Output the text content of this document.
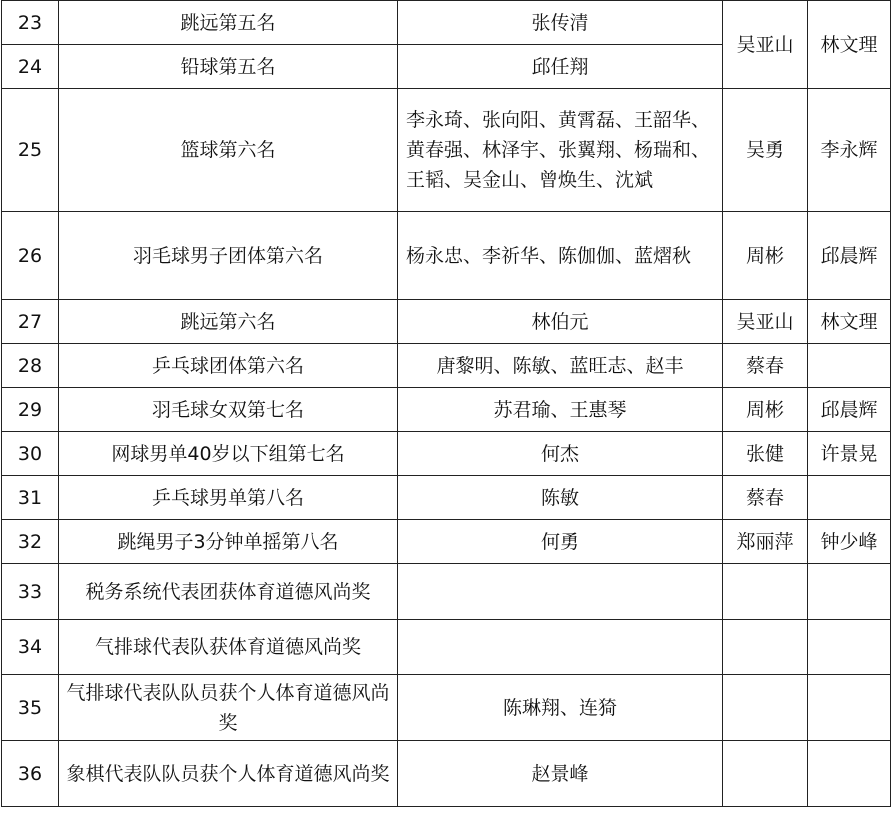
23	跳远第五名	张传清	吴亚山	林文理
24	铅球第五名	邱任翔		
25	篮球第六名	李永琦、张向阳、黄霄磊、王韶华、黄春强、林泽宇、张翼翔、杨瑞和、王韬、吴金山、曾焕生、沈斌	吴勇	李永辉
26	羽毛球男子团体第六名	杨永忠、李祈华、陈伽伽、蓝熠秋	周彬	邱晨辉
27	跳远第六名	林伯元	吴亚山	林文理
28	乒乓球团体第六名	唐黎明、陈敏、蓝旺志、赵丰	蔡春	
29	羽毛球女双第七名	苏君瑜、王惠琴	周彬	邱晨辉
30	网球男单40岁以下组第七名	何杰	张健	许景晃
31	乒乓球男单第八名	陈敏	蔡春	
32	跳绳男子3分钟单摇第八名	何勇	郑丽萍	钟少峰
33	税务系统代表团获体育道德风尚奖			
34	气排球代表队获体育道德风尚奖			
35	气排球代表队队员获个人体育道德风尚奖	陈琳翔、连猗		
36	象棋代表队队员获个人体育道德风尚奖	赵景峰		
